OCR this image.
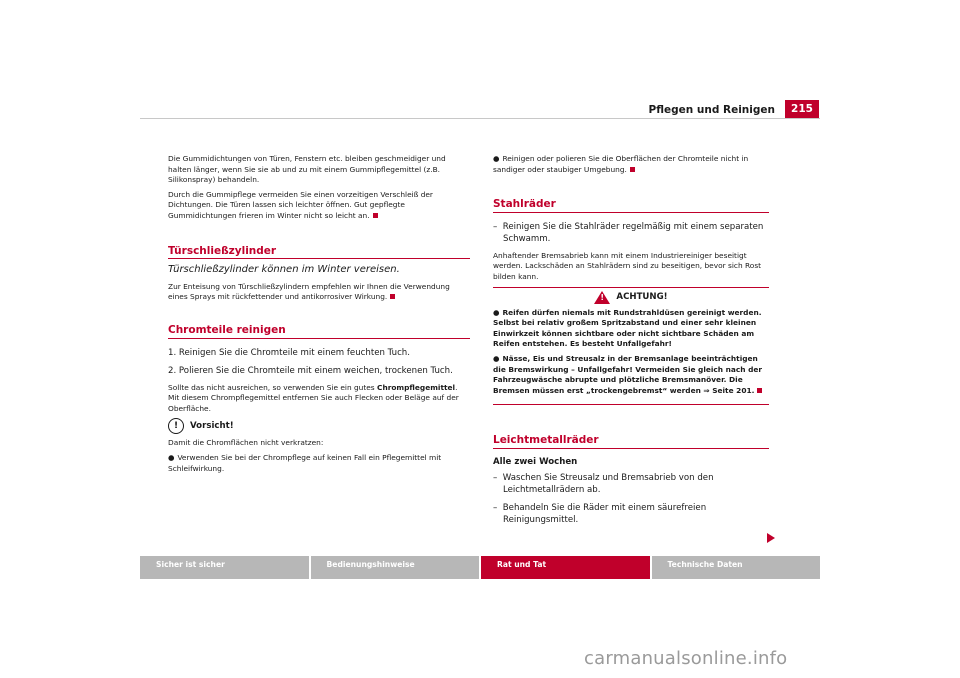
Pflegen und Reinigen	215

Die Gummidichtungen von Türen, Fenstern etc. bleiben geschmeidiger und halten länger, wenn Sie sie ab und zu mit einem Gummipflegemittel (z.B. Silikonspray) behandeln.

Durch die Gummipflege vermeiden Sie einen vorzeitigen Verschleiß der Dichtungen. Die Türen lassen sich leichter öffnen. Gut gepflegte Gummidichtungen frieren im Winter nicht so leicht an.

Türschließzylinder
Türschließzylinder können im Winter vereisen.

Zur Enteisung von Türschließzylindern empfehlen wir Ihnen die Verwendung eines Sprays mit rückfettender und antikorrosiver Wirkung.

Chromteile reinigen

1. Reinigen Sie die Chromteile mit einem feuchten Tuch.

2. Polieren Sie die Chromteile mit einem weichen, trockenen Tuch.

Sollte das nicht ausreichen, so verwenden Sie ein gutes Chrompflegemittel. Mit diesem Chrompflegemittel entfernen Sie auch Flecken oder Beläge auf der Oberfläche.

!	Vorsicht!

Damit die Chromflächen nicht verkratzen:

● Verwenden Sie bei der Chrompflege auf keinen Fall ein Pflegemittel mit Schleifwirkung.

● Reinigen oder polieren Sie die Oberflächen der Chromteile nicht in sandiger oder staubiger Umgebung.

Stahlräder

–  Reinigen Sie die Stahlräder regelmäßig mit einem separaten Schwamm.

Anhaftender Bremsabrieb kann mit einem Industriereiniger beseitigt werden. Lackschäden an Stahlrädern sind zu beseitigen, bevor sich Rost bilden kann.

! ACHTUNG!

● Reifen dürfen niemals mit Rundstrahldüsen gereinigt werden. Selbst bei relativ großem Spritzabstand und einer sehr kleinen Einwirkzeit können sichtbare oder nicht sichtbare Schäden am Reifen entstehen. Es besteht Unfallgefahr!

● Nässe, Eis und Streusalz in der Bremsanlage beeinträchtigen die Bremswirkung – Unfallgefahr! Vermeiden Sie gleich nach der Fahrzeugwäsche abrupte und plötzliche Bremsmanöver. Die Bremsen müssen erst „trockengebremst“ werden ⇒ Seite 201.

Leichtmetallräder

Alle zwei Wochen

–  Waschen Sie Streusalz und Bremsabrieb von den Leichtmetallrädern ab.

–  Behandeln Sie die Räder mit einem säurefreien Reinigungsmittel.

Sicher ist sicher	Bedienungshinweise	Rat und Tat	Technische Daten
carmanualsonline.info
